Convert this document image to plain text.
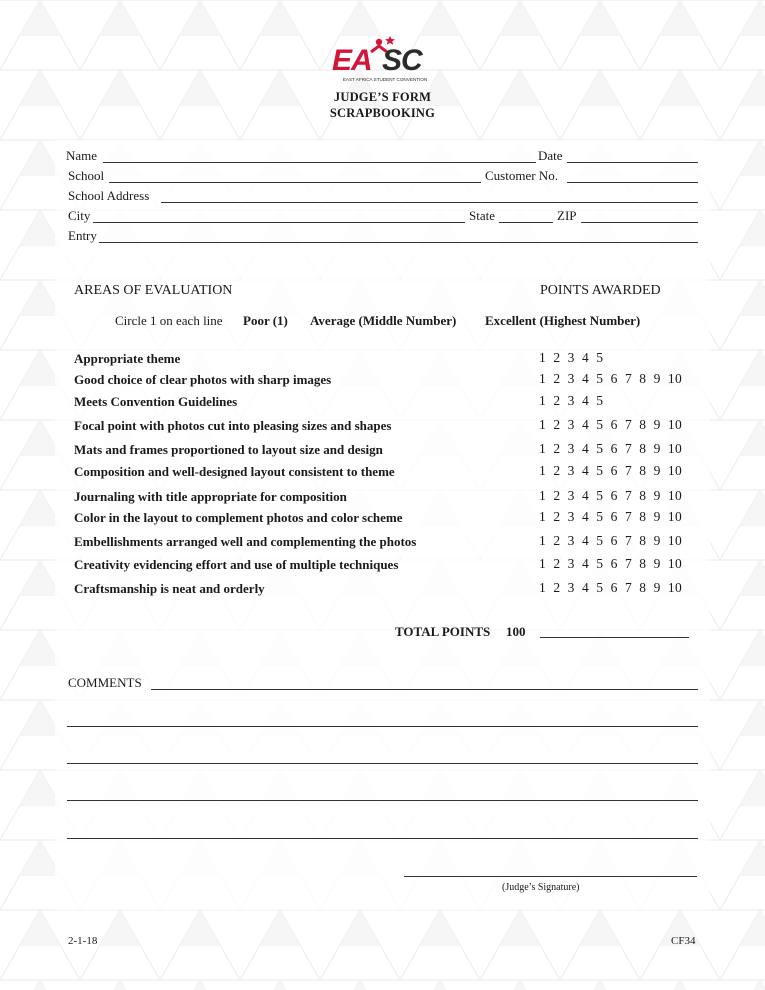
EA SC
EAST AFRICA STUDENT CONVENTION
JUDGE’S FORM
SCRAPBOOKING
Name	Date
School	Customer No.
School Address
City	State	ZIP
Entry
AREAS OF EVALUATION	POINTS AWARDED
Circle 1 on each line Poor (1) Average (Middle Number) Excellent (Highest Number)
Appropriate theme	1 2 3 4 5
Good choice of clear photos with sharp images	1 2 3 4 5 6 7 8 9 10
Meets Convention Guidelines	1 2 3 4 5
Focal point with photos cut into pleasing sizes and shapes	1 2 3 4 5 6 7 8 9 10
Mats and frames proportioned to layout size and design	1 2 3 4 5 6 7 8 9 10
Composition and well-designed layout consistent to theme	1 2 3 4 5 6 7 8 9 10
Journaling with title appropriate for composition	1 2 3 4 5 6 7 8 9 10
Color in the layout to complement photos and color scheme	1 2 3 4 5 6 7 8 9 10
Embellishments arranged well and complementing the photos	1 2 3 4 5 6 7 8 9 10
Creativity evidencing effort and use of multiple techniques	1 2 3 4 5 6 7 8 9 10
Craftsmanship is neat and orderly	1 2 3 4 5 6 7 8 9 10
TOTAL POINTS 100
COMMENTS
(Judge’s Signature)
2-1-18	CF34
